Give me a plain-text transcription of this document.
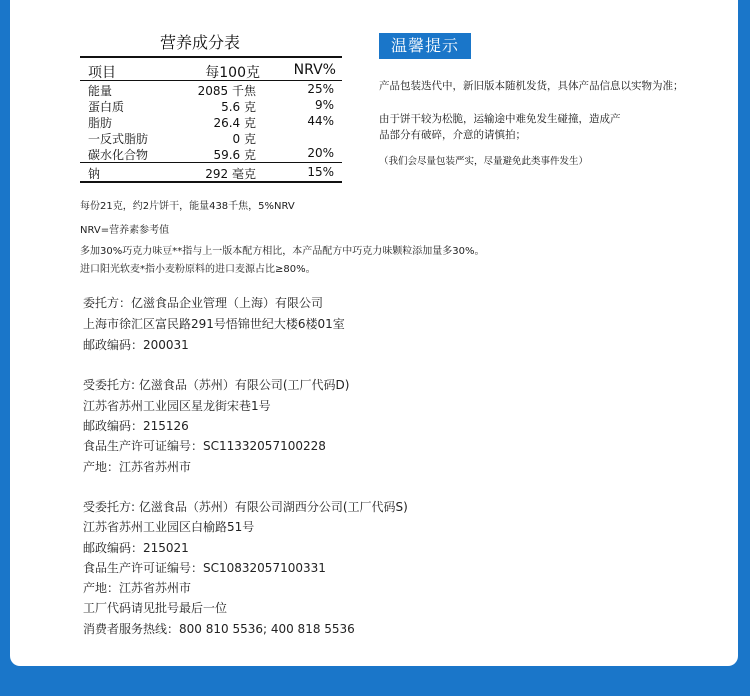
营养成分表
项目	每100克 NRV%
能量	2085 千焦	25%
蛋白质	5.6 克	9%
脂肪	26.4 克	44%
一反式脂肪	0 克
碳水化合物	59.6 克	20%
钠	292 毫克	15%
每份21克，约2片饼干，能量438千焦，5%NRV
NRV=营养素参考值
多加30%巧克力味豆**指与上一版本配方相比，本产品配方中巧克力味颗粒添加量多30%。
进口阳光软麦*指小麦粉原料的进口麦源占比≥80%。
温馨提示
产品包装迭代中，新旧版本随机发货，具体产品信息以实物为准；
由于饼干较为松脆，运输途中难免发生碰撞，造成产
品部分有破碎，介意的请慎拍；
（我们会尽量包装严实，尽量避免此类事件发生）
委托方：亿滋食品企业管理（上海）有限公司
上海市徐汇区富民路291号悟锦世纪大楼6楼01室
邮政编码：200031
受委托方: 亿滋食品（苏州）有限公司(工厂代码D)
江苏省苏州工业园区星龙街宋巷1号
邮政编码：215126
食品生产许可证编号：SC11332057100228
产地：江苏省苏州市
受委托方: 亿滋食品（苏州）有限公司湖西分公司(工厂代码S)
江苏省苏州工业园区白榆路51号
邮政编码：215021
食品生产许可证编号：SC10832057100331
产地：江苏省苏州市
工厂代码请见批号最后一位
消费者服务热线：800 810 5536; 400 818 5536
